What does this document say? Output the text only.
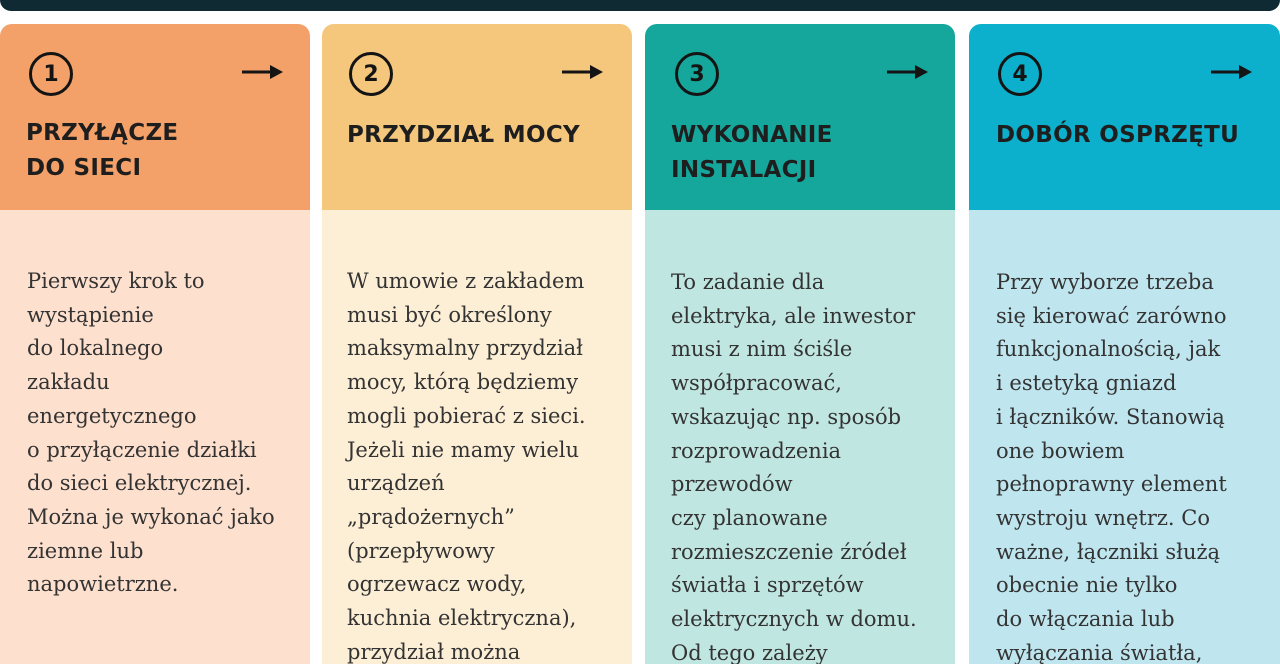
1
PRZYŁĄCZE
DO SIECI
Pierwszy krok to
wystąpienie
do lokalnego
zakładu
energetycznego
o przyłączenie działki
do sieci elektrycznej.
Można je wykonać jako
ziemne lub
napowietrzne.
2
PRZYDZIAŁ MOCY
W umowie z zakładem
musi być określony
maksymalny przydział
mocy, którą będziemy
mogli pobierać z sieci.
Jeżeli nie mamy wielu
urządzeń
„prądożernych”
(przepływowy
ogrzewacz wody,
kuchnia elektryczna),
przydział można
3
WYKONANIE
INSTALACJI
To zadanie dla
elektryka, ale inwestor
musi z nim ściśle
współpracować,
wskazując np. sposób
rozprowadzenia
przewodów
czy planowane
rozmieszczenie źródeł
światła i sprzętów
elektrycznych w domu.
Od tego zależy
4
DOBÓR OSPRZĘTU
Przy wyborze trzeba
się kierować zarówno
funkcjonalnością, jak
i estetyką gniazd
i łączników. Stanowią
one bowiem
pełnoprawny element
wystroju wnętrz. Co
ważne, łączniki służą
obecnie nie tylko
do włączania lub
wyłączania światła,
